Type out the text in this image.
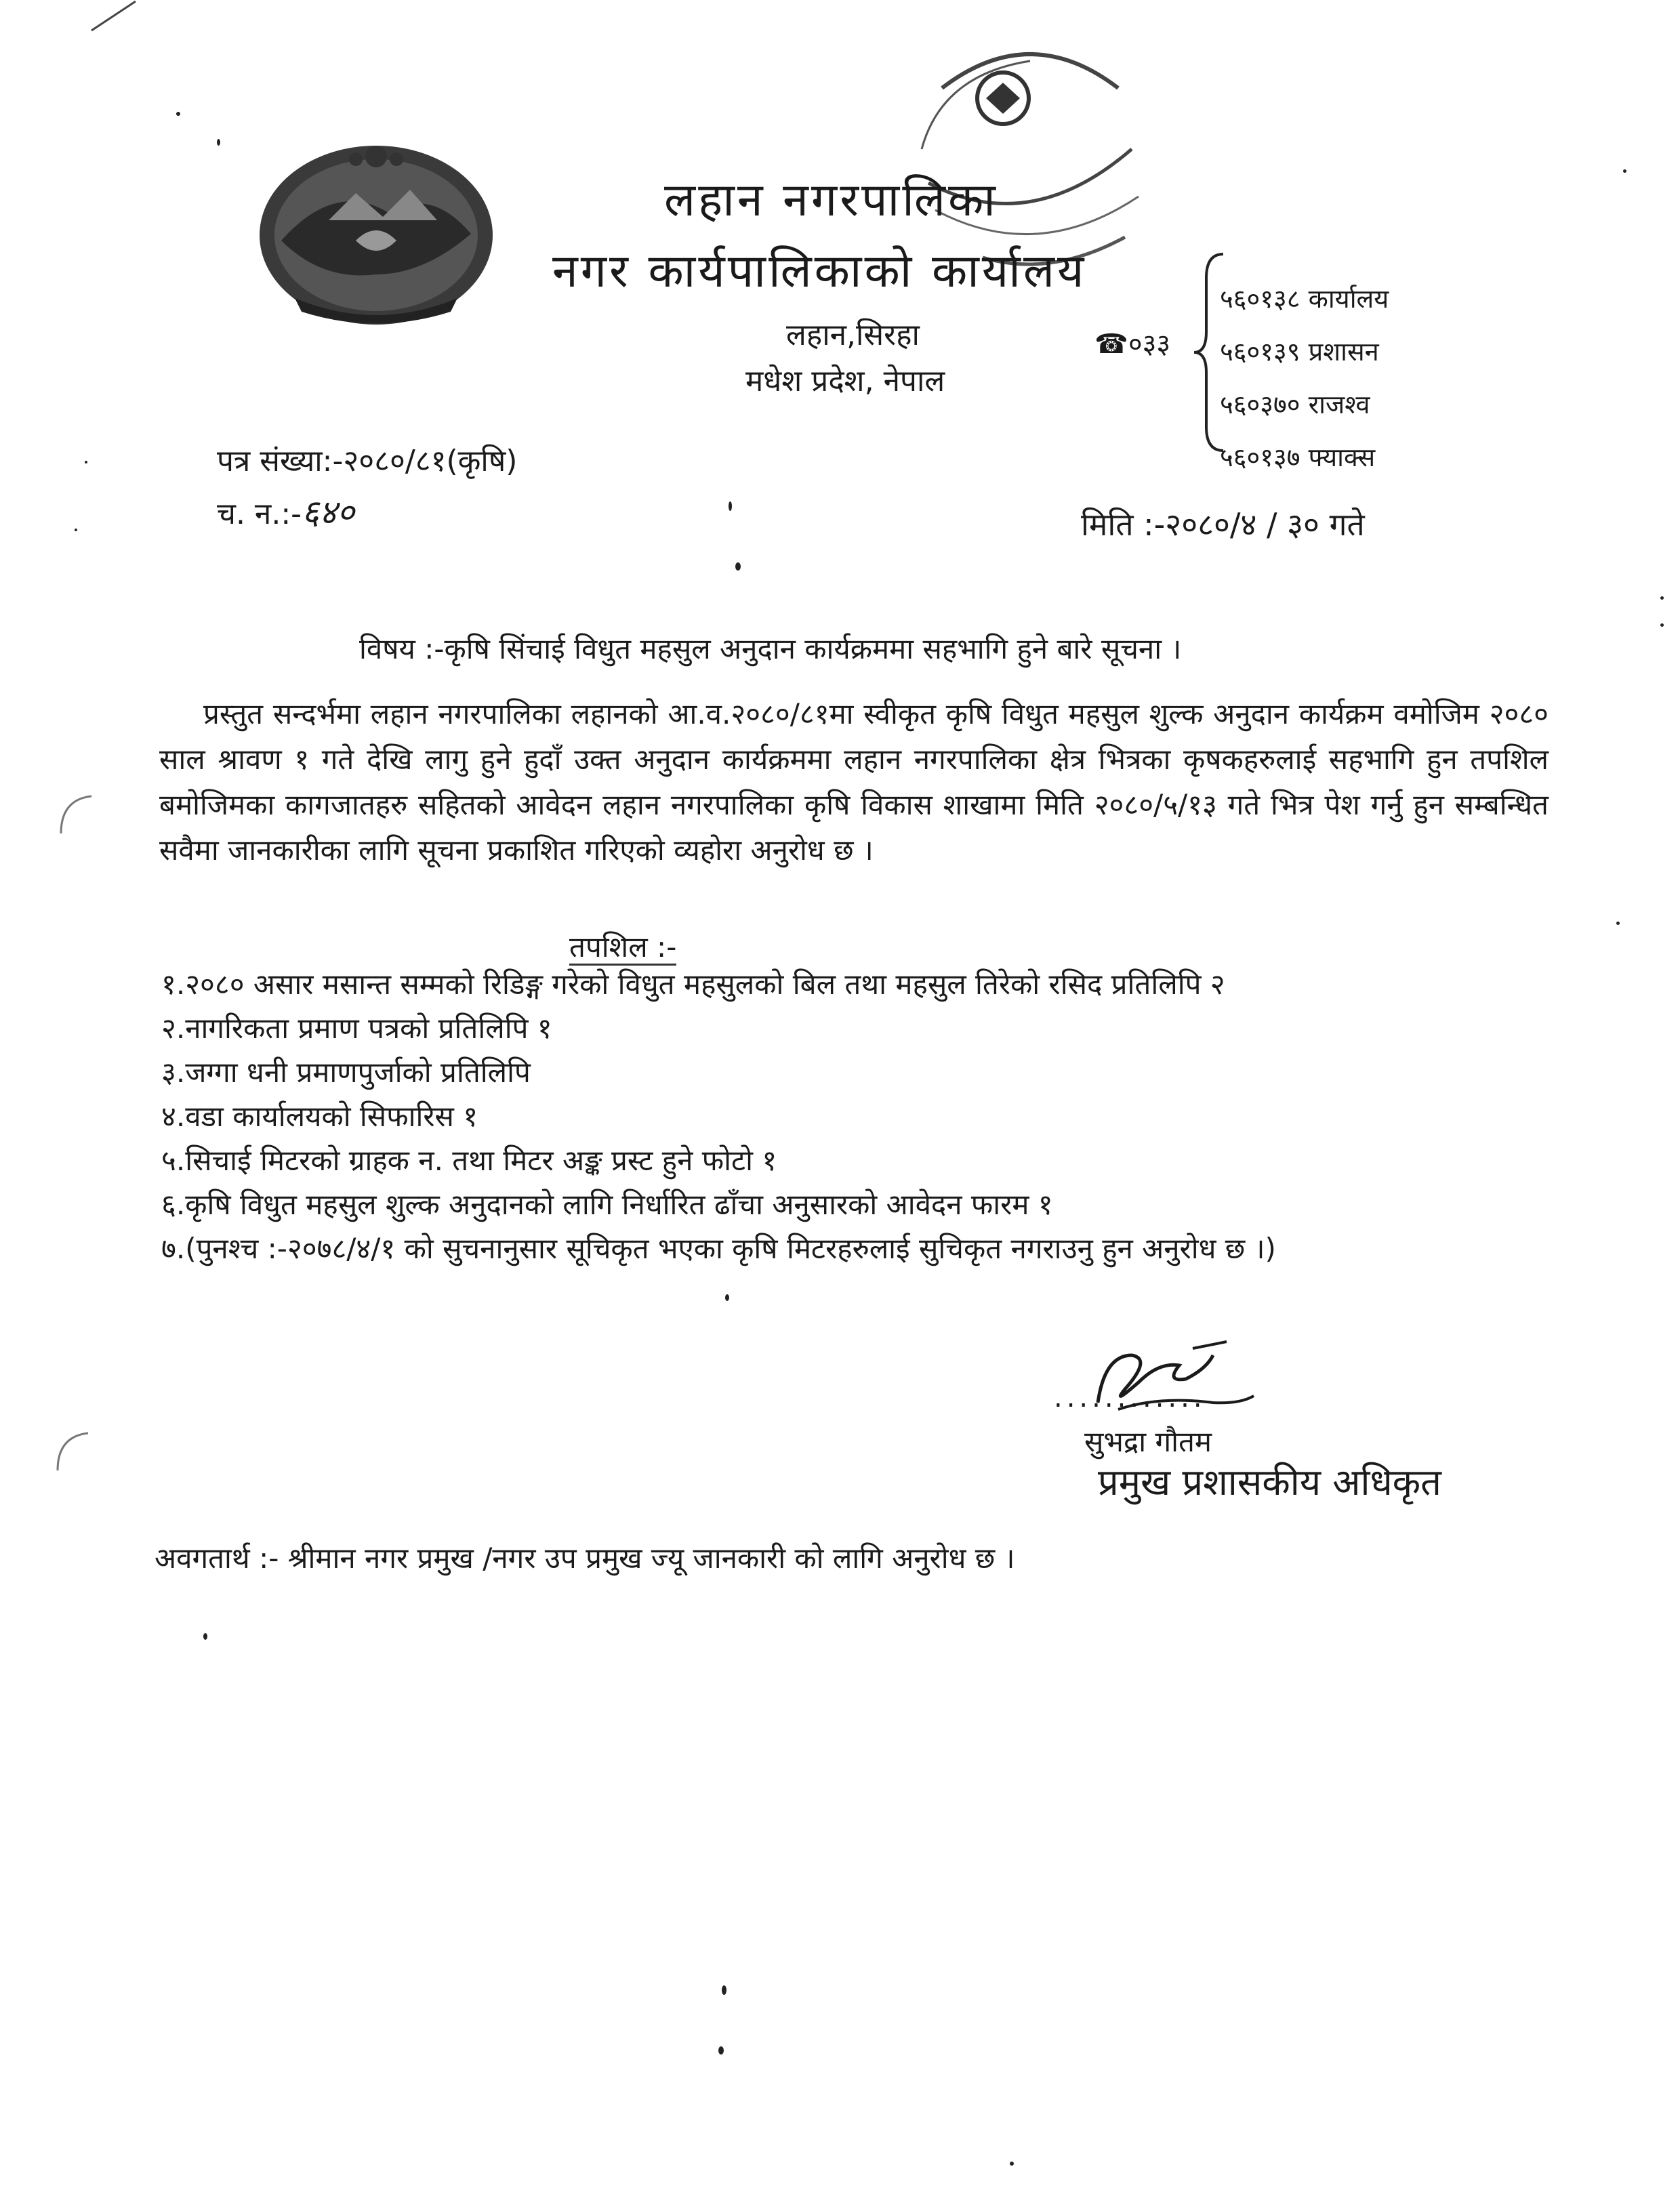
लहान नगरपालिका
नगर कार्यपालिकाको कार्यालय
लहान,सिरहा
मधेश प्रदेश, नेपाल
☎०३३
५६०१३८ कार्यालय
५६०१३९ प्रशासन
५६०३७० राजश्व
५६०१३७ फ्याक्स
पत्र संख्या:-२०८०/८१(कृषि)
च. न.:-६४०	मिति :-२०८०/४ / ३० गते
विषय :-कृषि सिंचाई विधुत महसुल अनुदान कार्यक्रममा सहभागि हुने बारे सूचना ।
प्रस्तुत सन्दर्भमा लहान नगरपालिका लहानको आ.व.२०८०/८१मा स्वीकृत कृषि विधुत महसुल शुल्क अनुदान कार्यक्रम वमोजिम २०८० साल श्रावण १ गते देखि लागु हुने हुदाँ उक्त अनुदान कार्यक्रममा लहान नगरपालिका क्षेत्र भित्रका कृषकहरुलाई सहभागि हुन तपशिल बमोजिमका कागजातहरु सहितको आवेदन लहान नगरपालिका कृषि विकास शाखामा मिति २०८०/५/१३ गते भित्र पेश गर्नु हुन सम्बन्धित सवैमा जानकारीका लागि सूचना प्रकाशित गरिएको व्यहोरा अनुरोध छ ।
तपशिल :-
१.२०८० असार मसान्त सम्मको रिडिङ्ग गरेको विधुत महसुलको बिल तथा महसुल तिरेको रसिद प्रतिलिपि २
२.नागरिकता प्रमाण पत्रको प्रतिलिपि १
३.जग्गा धनी प्रमाणपुर्जाको प्रतिलिपि
४.वडा कार्यालयको सिफारिस १
५.सिचाई मिटरको ग्राहक न. तथा मिटर अङ्क प्रस्ट हुने फोटो १
६.कृषि विधुत महसुल शुल्क अनुदानको लागि निर्धारित ढाँचा अनुसारको आवेदन फारम १
७.(पुनश्च :-२०७८/४/१ को सुचनानुसार सूचिकृत भएका कृषि मिटरहरुलाई सुचिकृत नगराउनु हुन अनुरोध छ ।)
............
सुभद्रा गौतम
प्रमुख प्रशासकीय अधिकृत
अवगतार्थ :- श्रीमान नगर प्रमुख /नगर उप प्रमुख ज्यू जानकारी को लागि अनुरोध छ ।
